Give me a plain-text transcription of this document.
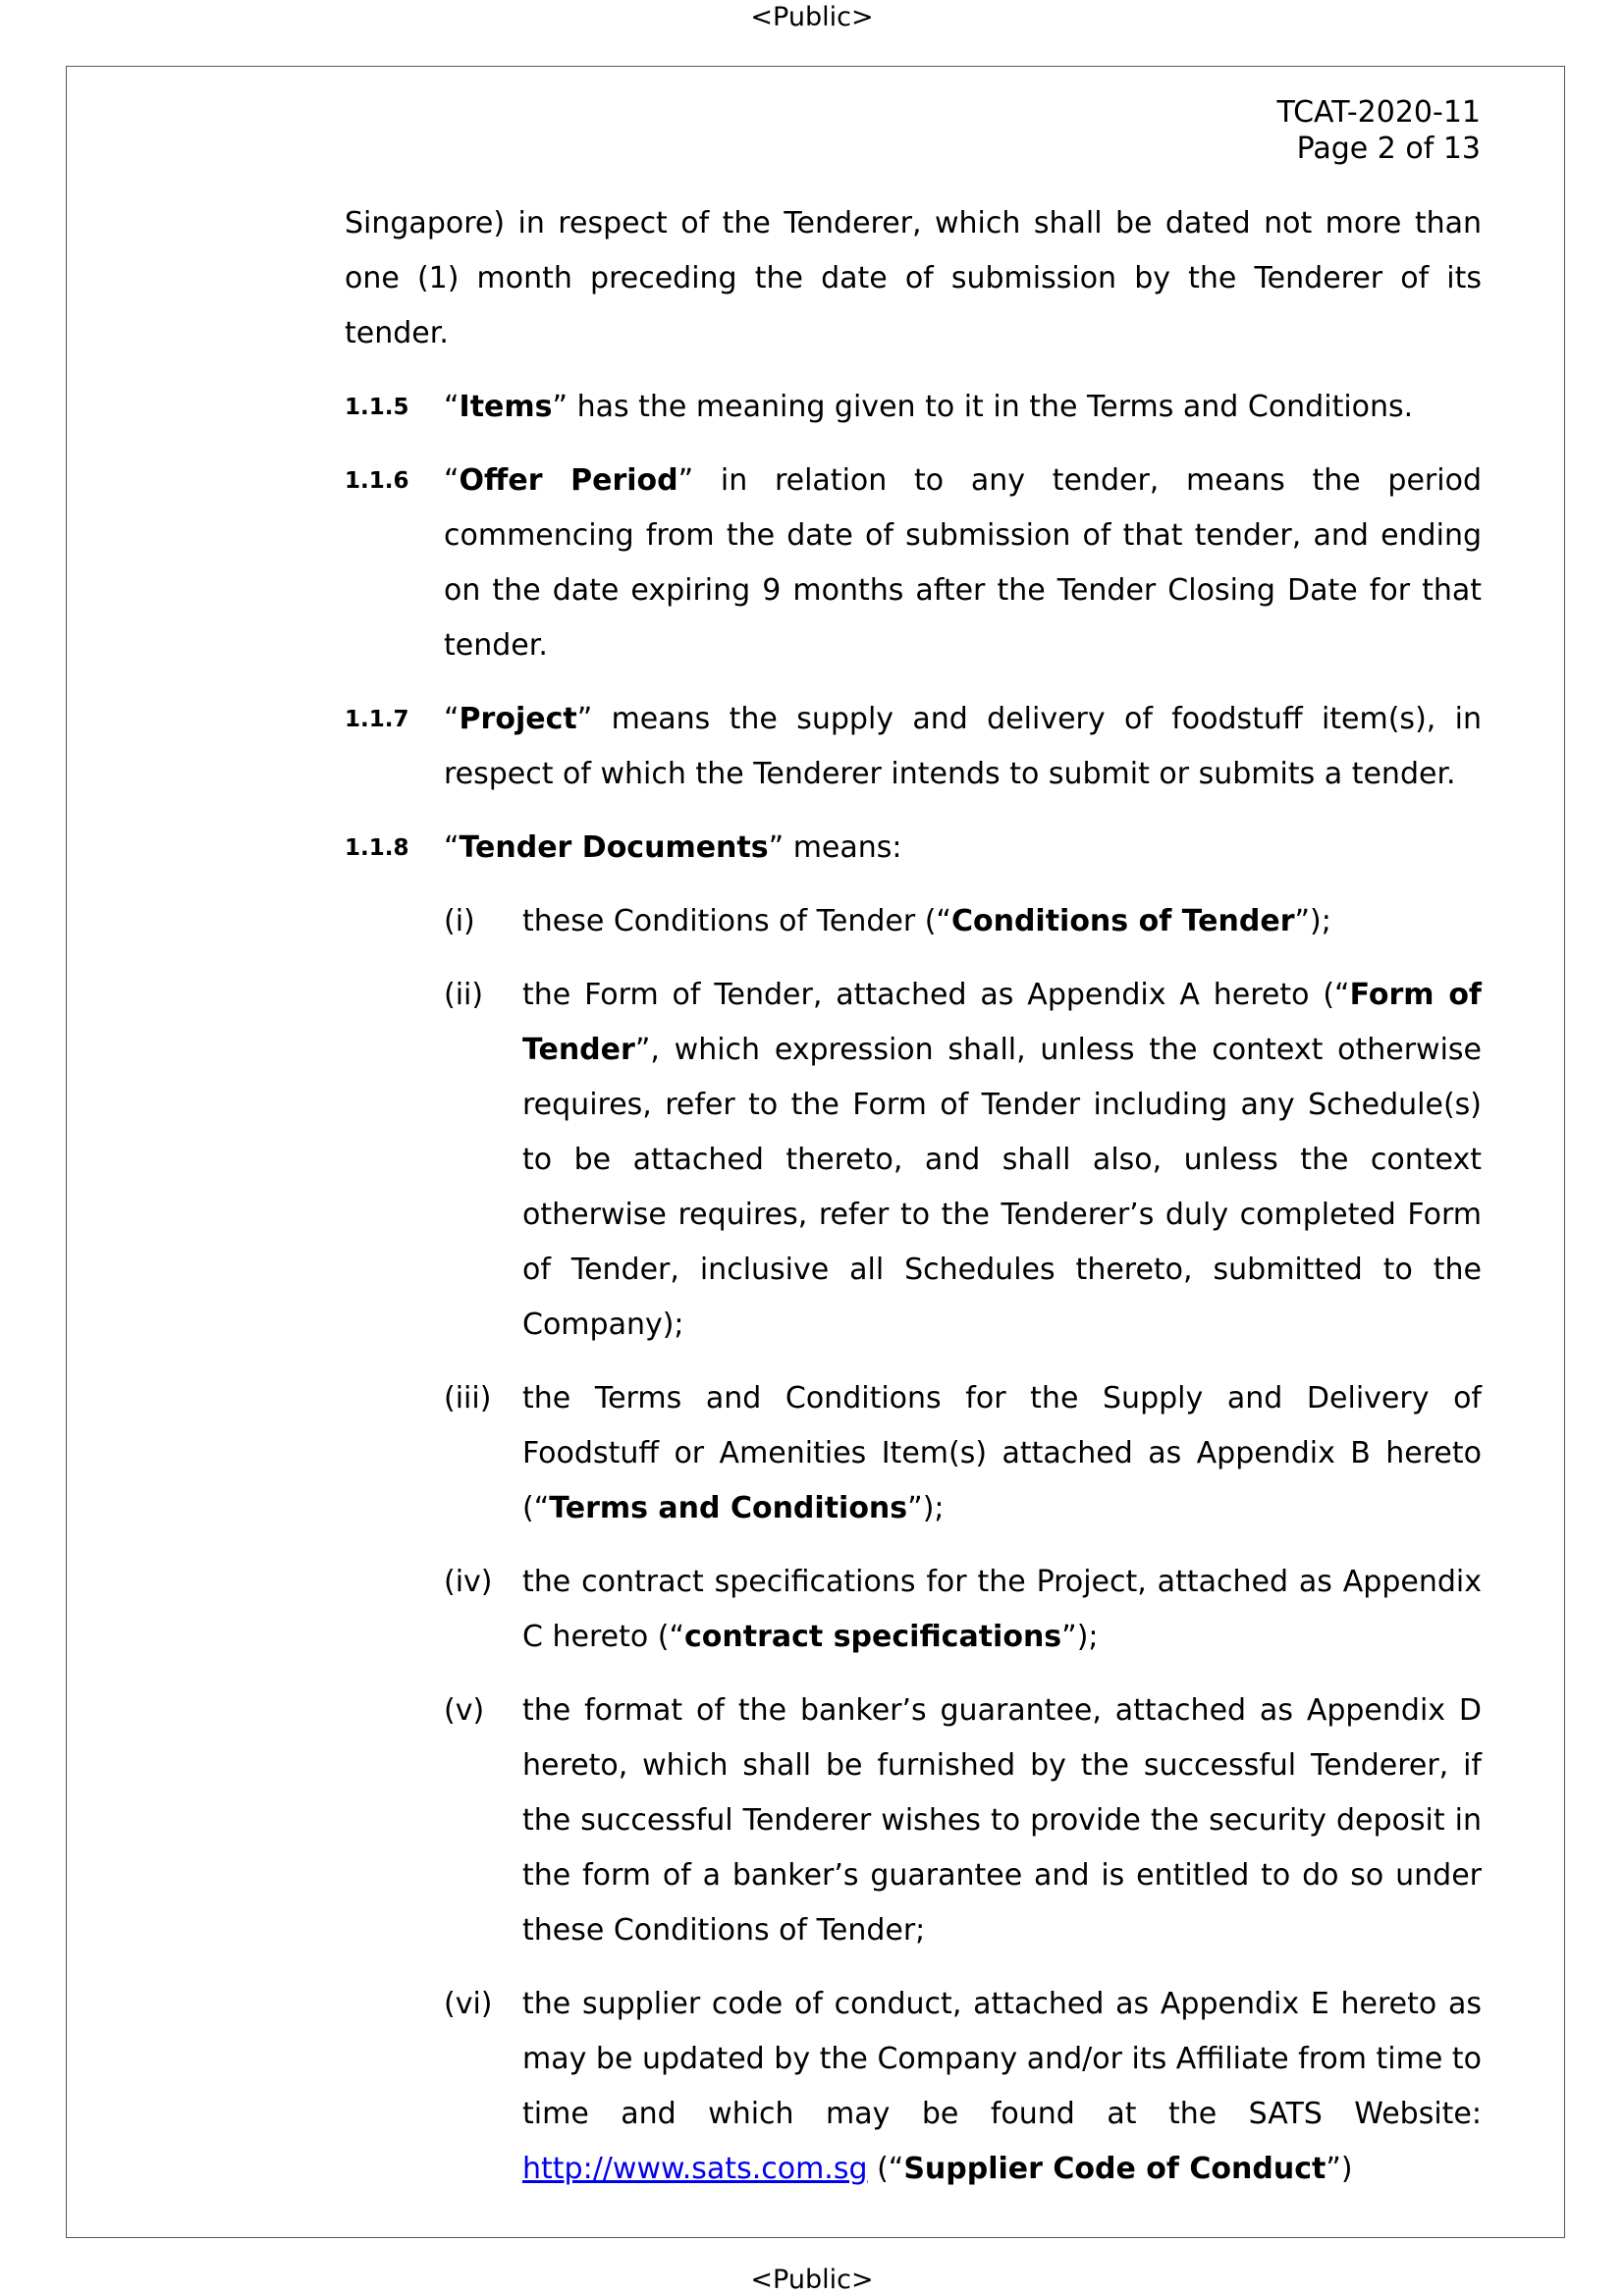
<Public>
TCAT-2020-11
Page 2 of 13

Singapore) in respect of the Tenderer, which shall be dated not more than one (1) month preceding the date of submission by the Tenderer of its tender.

1.1.5	“Items” has the meaning given to it in the Terms and Conditions.
1.1.6	“Offer Period” in relation to any tender, means the period commencing from the date of submission of that tender, and ending on the date expiring 9 months after the Tender Closing Date for that tender.
1.1.7	“Project” means the supply and delivery of foodstuff item(s), in respect of which the Tenderer intends to submit or submits a tender.
1.1.8	“Tender Documents” means:
(i)	these Conditions of Tender (“Conditions of Tender”);
(ii)	the Form of Tender, attached as Appendix A hereto (“Form of Tender”, which expression shall, unless the context otherwise requires, refer to the Form of Tender including any Schedule(s) to be attached thereto, and shall also, unless the context otherwise requires, refer to the Tenderer’s duly completed Form of Tender, inclusive all Schedules thereto, submitted to the Company);
(iii)	the Terms and Conditions for the Supply and Delivery of Foodstuff or Amenities Item(s) attached as Appendix B hereto (“Terms and Conditions”);
(iv)	the contract specifications for the Project, attached as Appendix C hereto (“contract specifications”);
(v)	the format of the banker’s guarantee, attached as Appendix D hereto, which shall be furnished by the successful Tenderer, if the successful Tenderer wishes to provide the security deposit in the form of a banker’s guarantee and is entitled to do so under these Conditions of Tender;
(vi)	the supplier code of conduct, attached as Appendix E hereto as may be updated by the Company and/or its Affiliate from time to time and which may be found at the SATS Website: http://www.sats.com.sg (“Supplier Code of Conduct”)
<Public>
